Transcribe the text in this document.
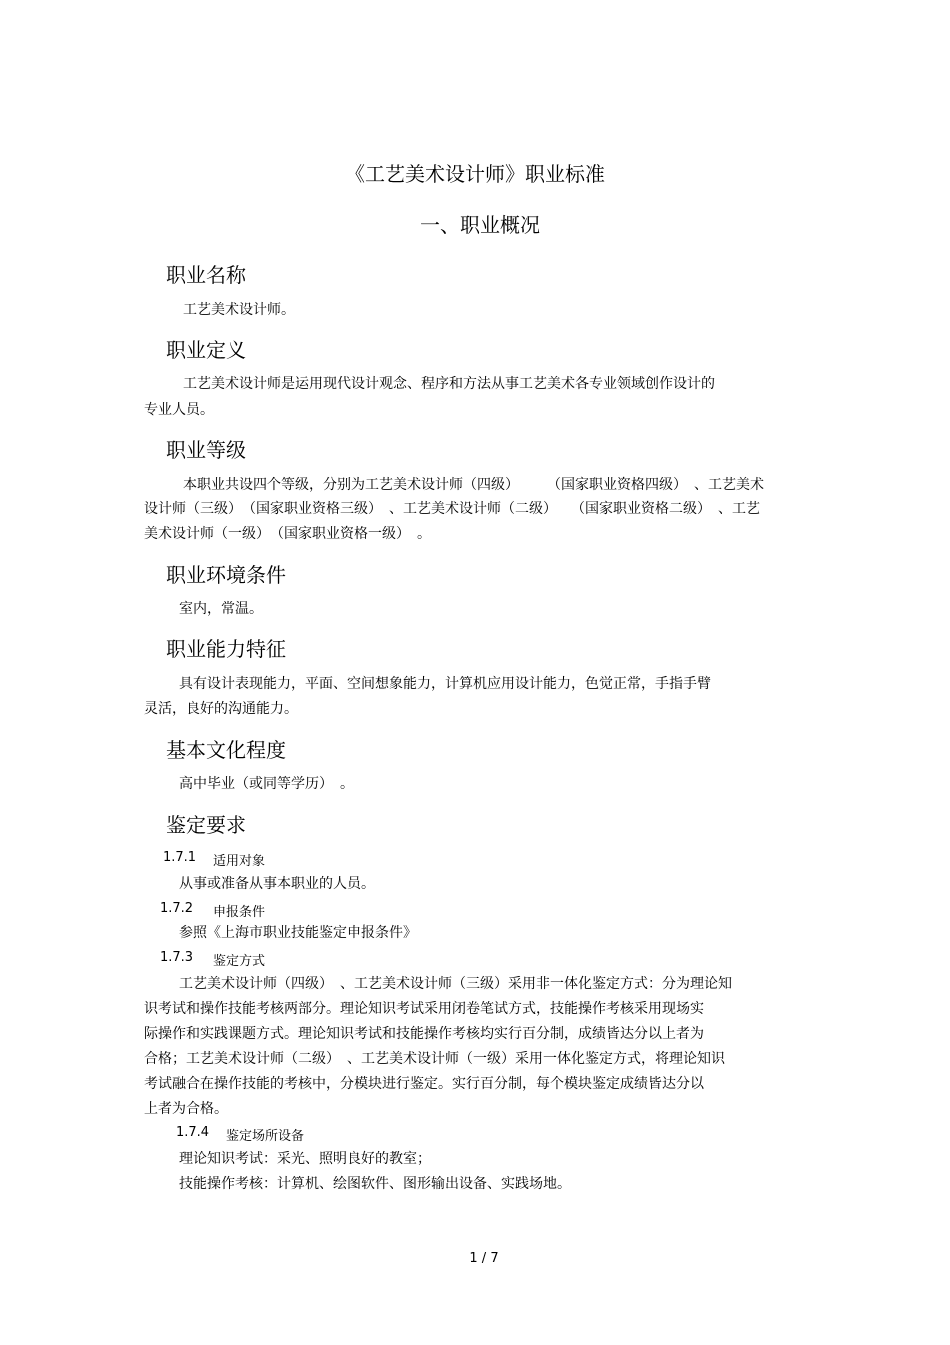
《工艺美术设计师》职业标准
一、职业概况
职业名称
工艺美术设计师。
职业定义
工艺美术设计师是运用现代设计观念、程序和方法从事工艺美术各专业领域创作设计的
专业人员。
职业等级
本职业共设四个等级，分别为工艺美术设计师（四级）　　　（国家职业资格四级）　、工艺美术
设计师（三级）　（国家职业资格三级）　、工艺美术设计师（二级）　　（国家职业资格二级）　、工艺
美术设计师（一级）　（国家职业资格一级）　。
职业环境条件
室内，常温。
职业能力特征
具有设计表现能力，平面、空间想象能力，计算机应用设计能力，色觉正常，手指手臂
灵活，良好的沟通能力。
基本文化程度
高中毕业（或同等学历）　。
鉴定要求
1.7.1 适用对象
从事或准备从事本职业的人员。
1.7.2 申报条件
参照《上海市职业技能鉴定申报条件》
1.7.3 鉴定方式
工艺美术设计师（四级）　、工艺美术设计师（三级）采用非一体化鉴定方式：分为理论知
识考试和操作技能考核两部分。理论知识考试采用闭卷笔试方式，技能操作考核采用现场实
际操作和实践课题方式。理论知识考试和技能操作考核均实行百分制，成绩皆达分以上者为
合格；工艺美术设计师（二级）　、工艺美术设计师（一级）采用一体化鉴定方式，将理论知识
考试融合在操作技能的考核中，分模块进行鉴定。实行百分制，每个模块鉴定成绩皆达分以
上者为合格。
1.7.4 鉴定场所设备
理论知识考试：采光、照明良好的教室；
技能操作考核：计算机、绘图软件、图形输出设备、实践场地。
1 / 7
